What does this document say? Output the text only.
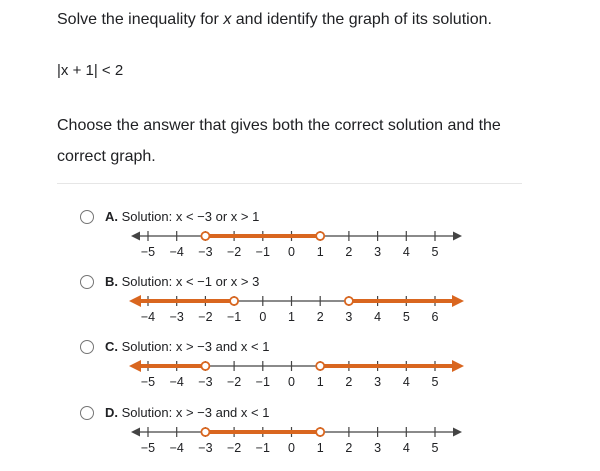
Solve the inequality for x and identify the graph of its solution.
|x + 1| < 2
Choose the answer that gives both the correct solution and the correct graph.
A. Solution: x < −3 or x > 1
−5 −4 −3 −2 −1 0 1 2 3 4 5
B. Solution: x < −1 or x > 3
−4 −3 −2 −1 0 1 2 3 4 5 6
C. Solution: x > −3 and x < 1
−5 −4 −3 −2 −1 0 1 2 3 4 5
D. Solution: x > −3 and x < 1
−5 −4 −3 −2 −1 0 1 2 3 4 5
